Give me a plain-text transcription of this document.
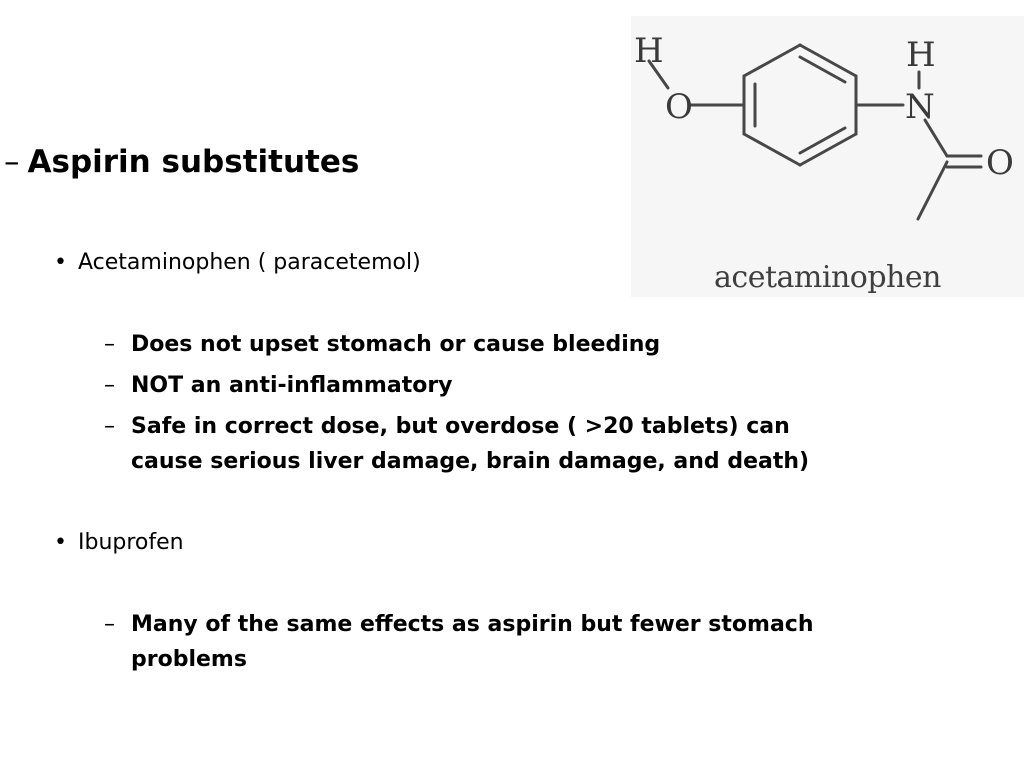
– Aspirin substitutes
• Acetaminophen ( paracetemol)
– Does not upset stomach or cause bleeding
– NOT an anti-inflammatory
– Safe in correct dose, but overdose ( >20 tablets) can cause serious liver damage, brain damage, and death)
• Ibuprofen
– Many of the same effects as aspirin but fewer stomach problems
H
O
H
N
O
acetaminophen
